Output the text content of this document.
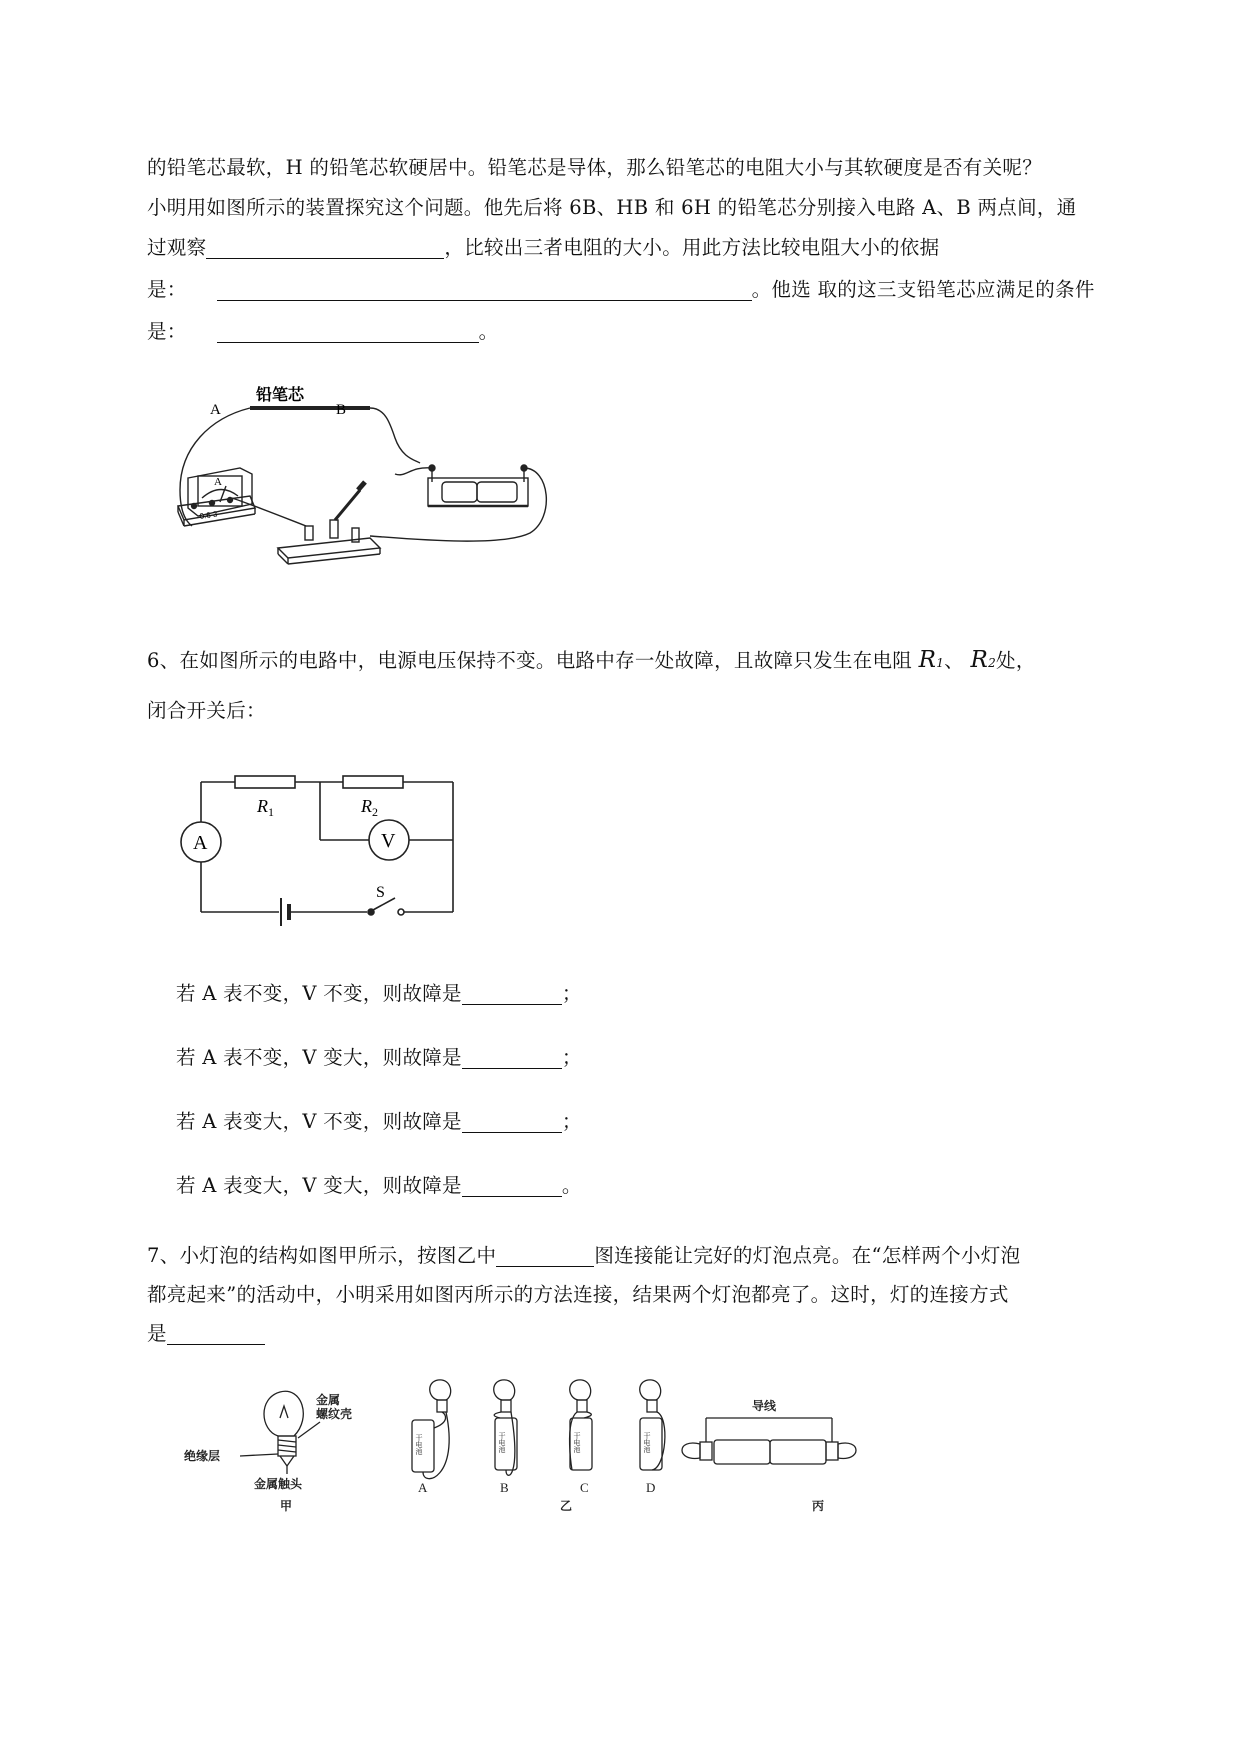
的铅笔芯最软，H 的铅笔芯软硬居中。铅笔芯是导体，那么铅笔芯的电阻大小与其软硬度是否有关呢？
小明用如图所示的装置探究这个问题。他先后将 6B、HB 和 6H 的铅笔芯分别接入电路 A、B 两点间，通
过观察	，比较出三者电阻的大小。用此方法比较电阻大小的依据
是：	。他选 取的这三支铅笔芯应满足的条件
是：	。
A	B
铅笔芯
A
0.6 3
6、在如图所示的电路中，电源电压保持不变。电路中存一处故障，且故障只发生在电阻 R1、 R2处，
闭合开关后：
$R_1$	$R_2$
A	V
S
若 A 表不变，V 不变，则故障是	；
若 A 表不变，V 变大，则故障是	；
若 A 表变大，V 不变，则故障是	；
若 A 表变大，V 变大，则故障是	。
7、小灯泡的结构如图甲所示，按图乙中	图连接能让完好的灯泡点亮。在“怎样两个小灯泡
都亮起来”的活动中，小明采用如图丙所示的方法连接，结果两个灯泡都亮了。这时，灯的连接方式
是
金属螺纹壳
绝缘层
金属触头
甲
导线
乙	丙
干电池	干电池	干电池	干电池
A	B	C	D
